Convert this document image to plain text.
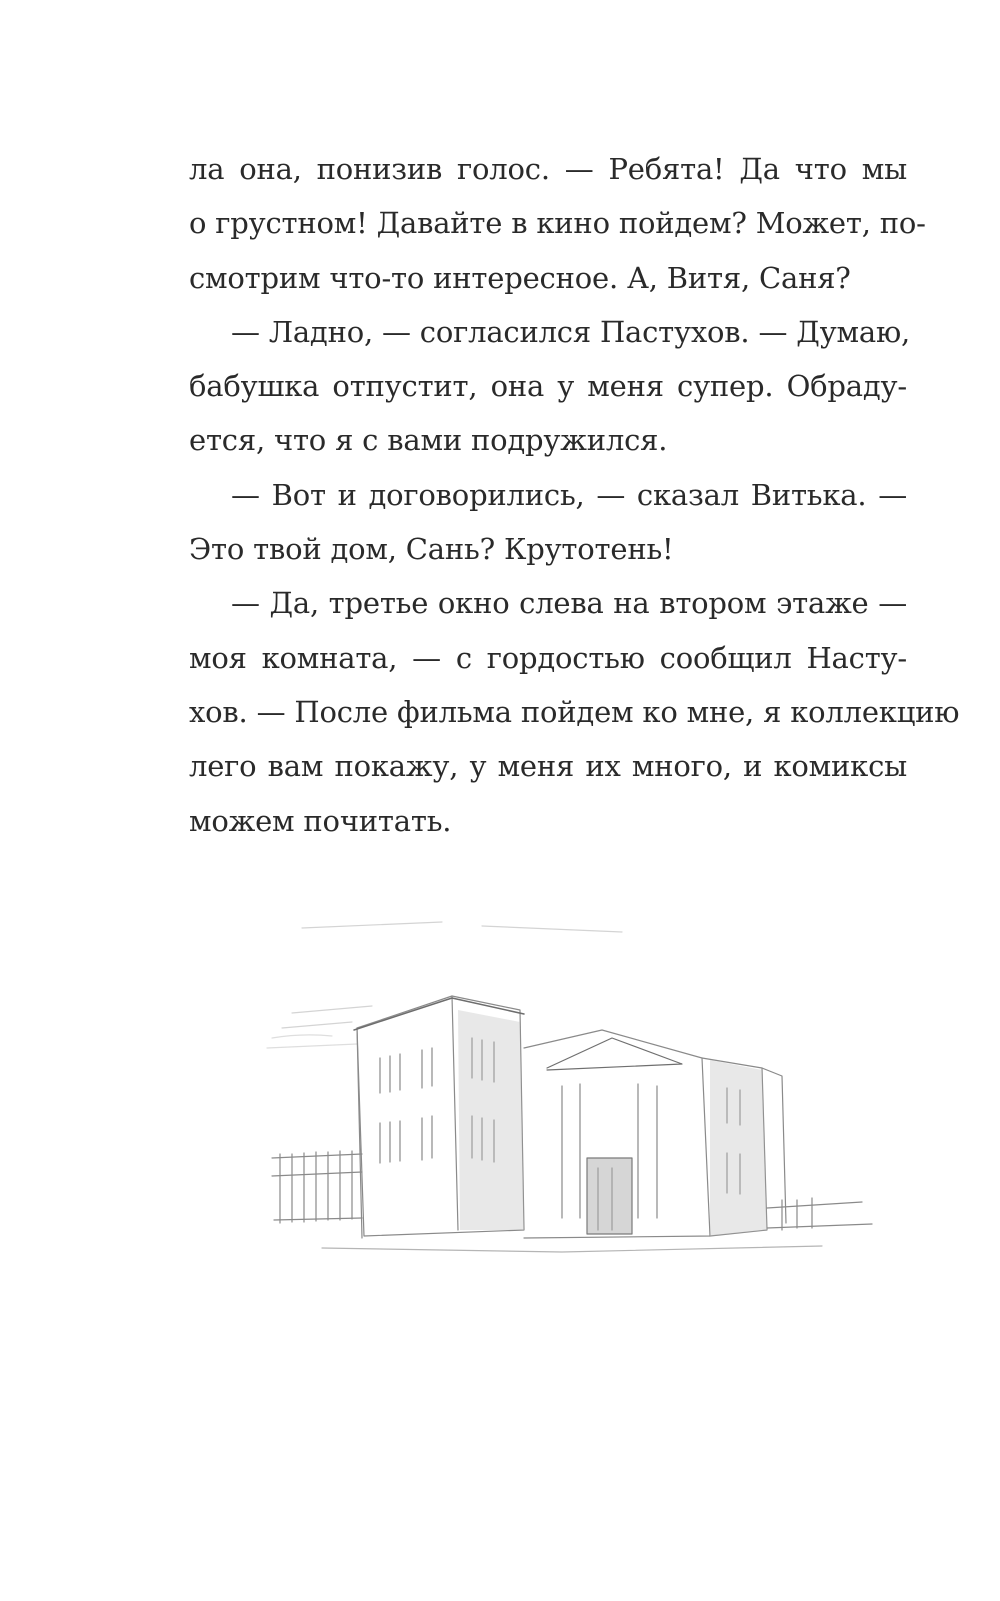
ла она, понизив голос. — Ребята! Да что мы
о грустном! Давайте в кино пойдем? Может, по-
смотрим что-то интересное. А, Витя, Саня?

— Ладно, — согласился Пастухов. — Думаю,
бабушка отпустит, она у меня супер. Обраду-
ется, что я с вами подружился.

— Вот и договорились, — сказал Витька. —
Это твой дом, Сань? Крутотень!

— Да, третье окно слева на втором этаже —
моя комната, — с гордостью сообщил Насту-
хов. — После фильма пойдем ко мне, я коллекцию
лего вам покажу, у меня их много, и комиксы
можем почитать.
